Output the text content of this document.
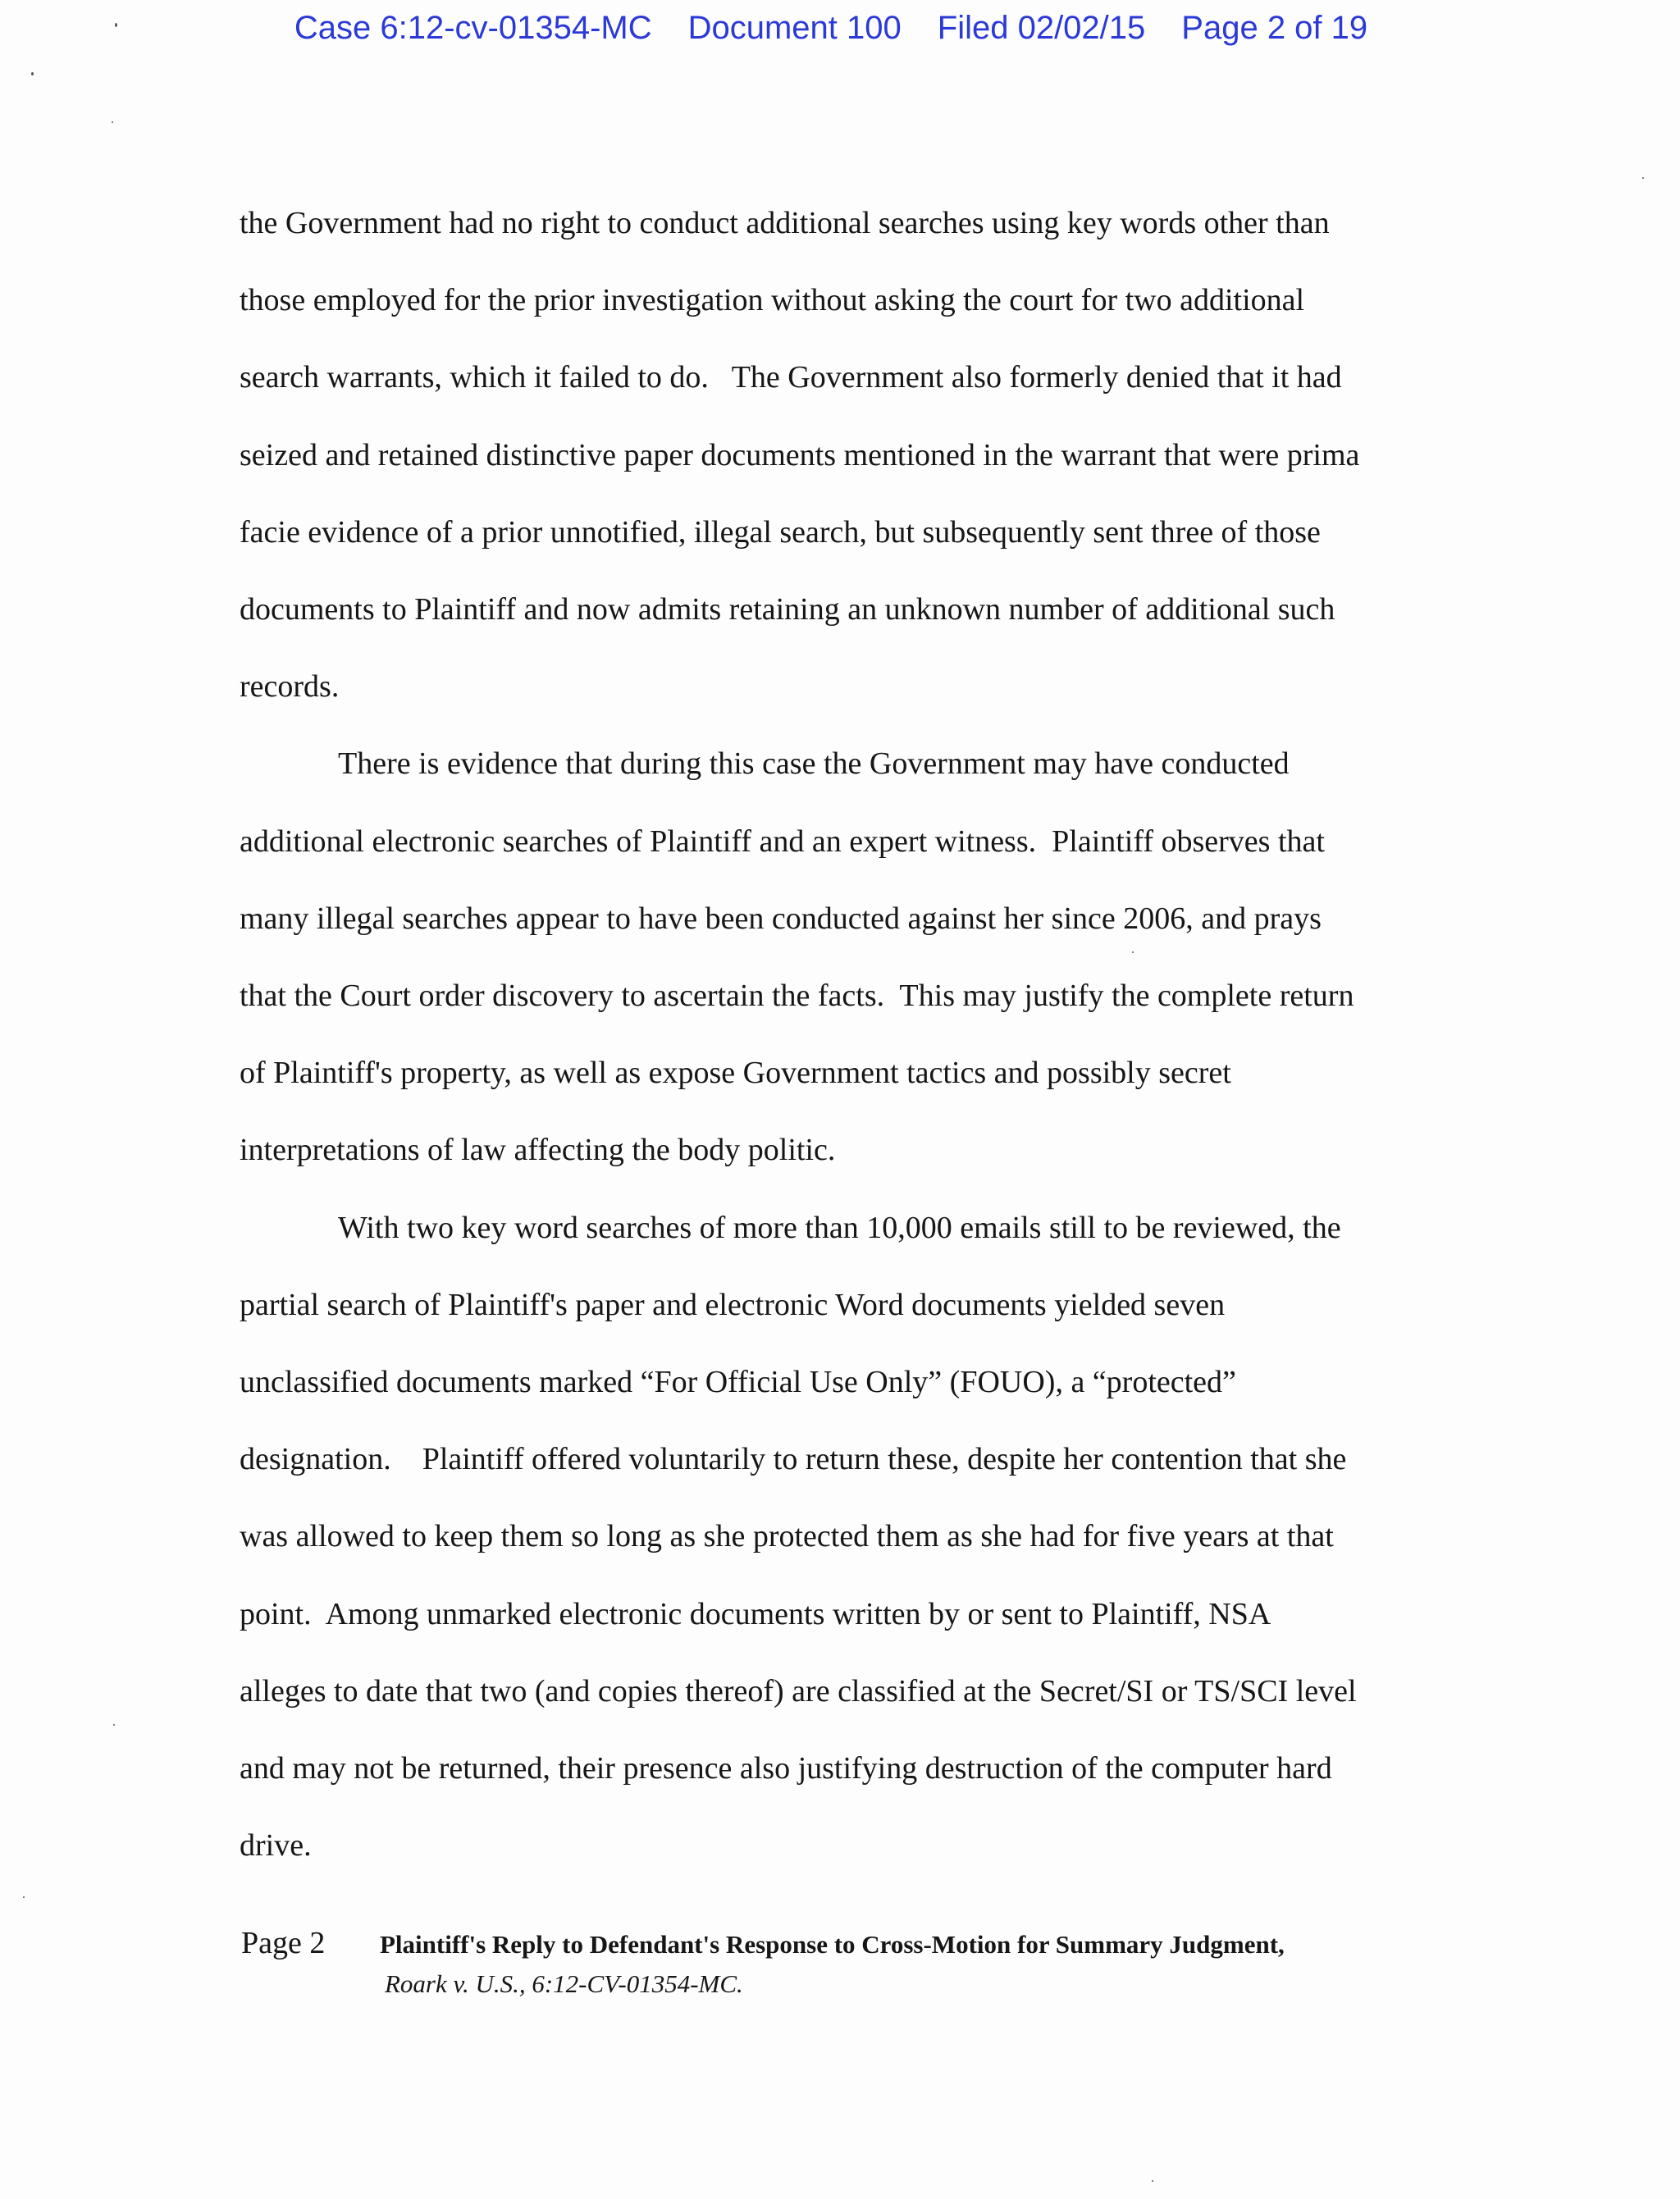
Case 6:12-cv-01354-MC Document 100 Filed 02/02/15 Page 2 of 19
the Government had no right to conduct additional searches using key words other than
those employed for the prior investigation without asking the court for two additional
search warrants, which it failed to do.   The Government also formerly denied that it had
seized and retained distinctive paper documents mentioned in the warrant that were prima
facie evidence of a prior unnotified, illegal search, but subsequently sent three of those
documents to Plaintiff and now admits retaining an unknown number of additional such
records.
There is evidence that during this case the Government may have conducted
additional electronic searches of Plaintiff and an expert witness.  Plaintiff observes that
many illegal searches appear to have been conducted against her since 2006, and prays
that the Court order discovery to ascertain the facts.  This may justify the complete return
of Plaintiff's property, as well as expose Government tactics and possibly secret
interpretations of law affecting the body politic.
With two key word searches of more than 10,000 emails still to be reviewed, the
partial search of Plaintiff's paper and electronic Word documents yielded seven
unclassified documents marked “For Official Use Only” (FOUO), a “protected”
designation.    Plaintiff offered voluntarily to return these, despite her contention that she
was allowed to keep them so long as she protected them as she had for five years at that
point.  Among unmarked electronic documents written by or sent to Plaintiff, NSA
alleges to date that two (and copies thereof) are classified at the Secret/SI or TS/SCI level
and may not be returned, their presence also justifying destruction of the computer hard
drive.
Page 2 Plaintiff's Reply to Defendant's Response to Cross-Motion for Summary Judgment,
Roark v. U.S., 6:12-CV-01354-MC.
